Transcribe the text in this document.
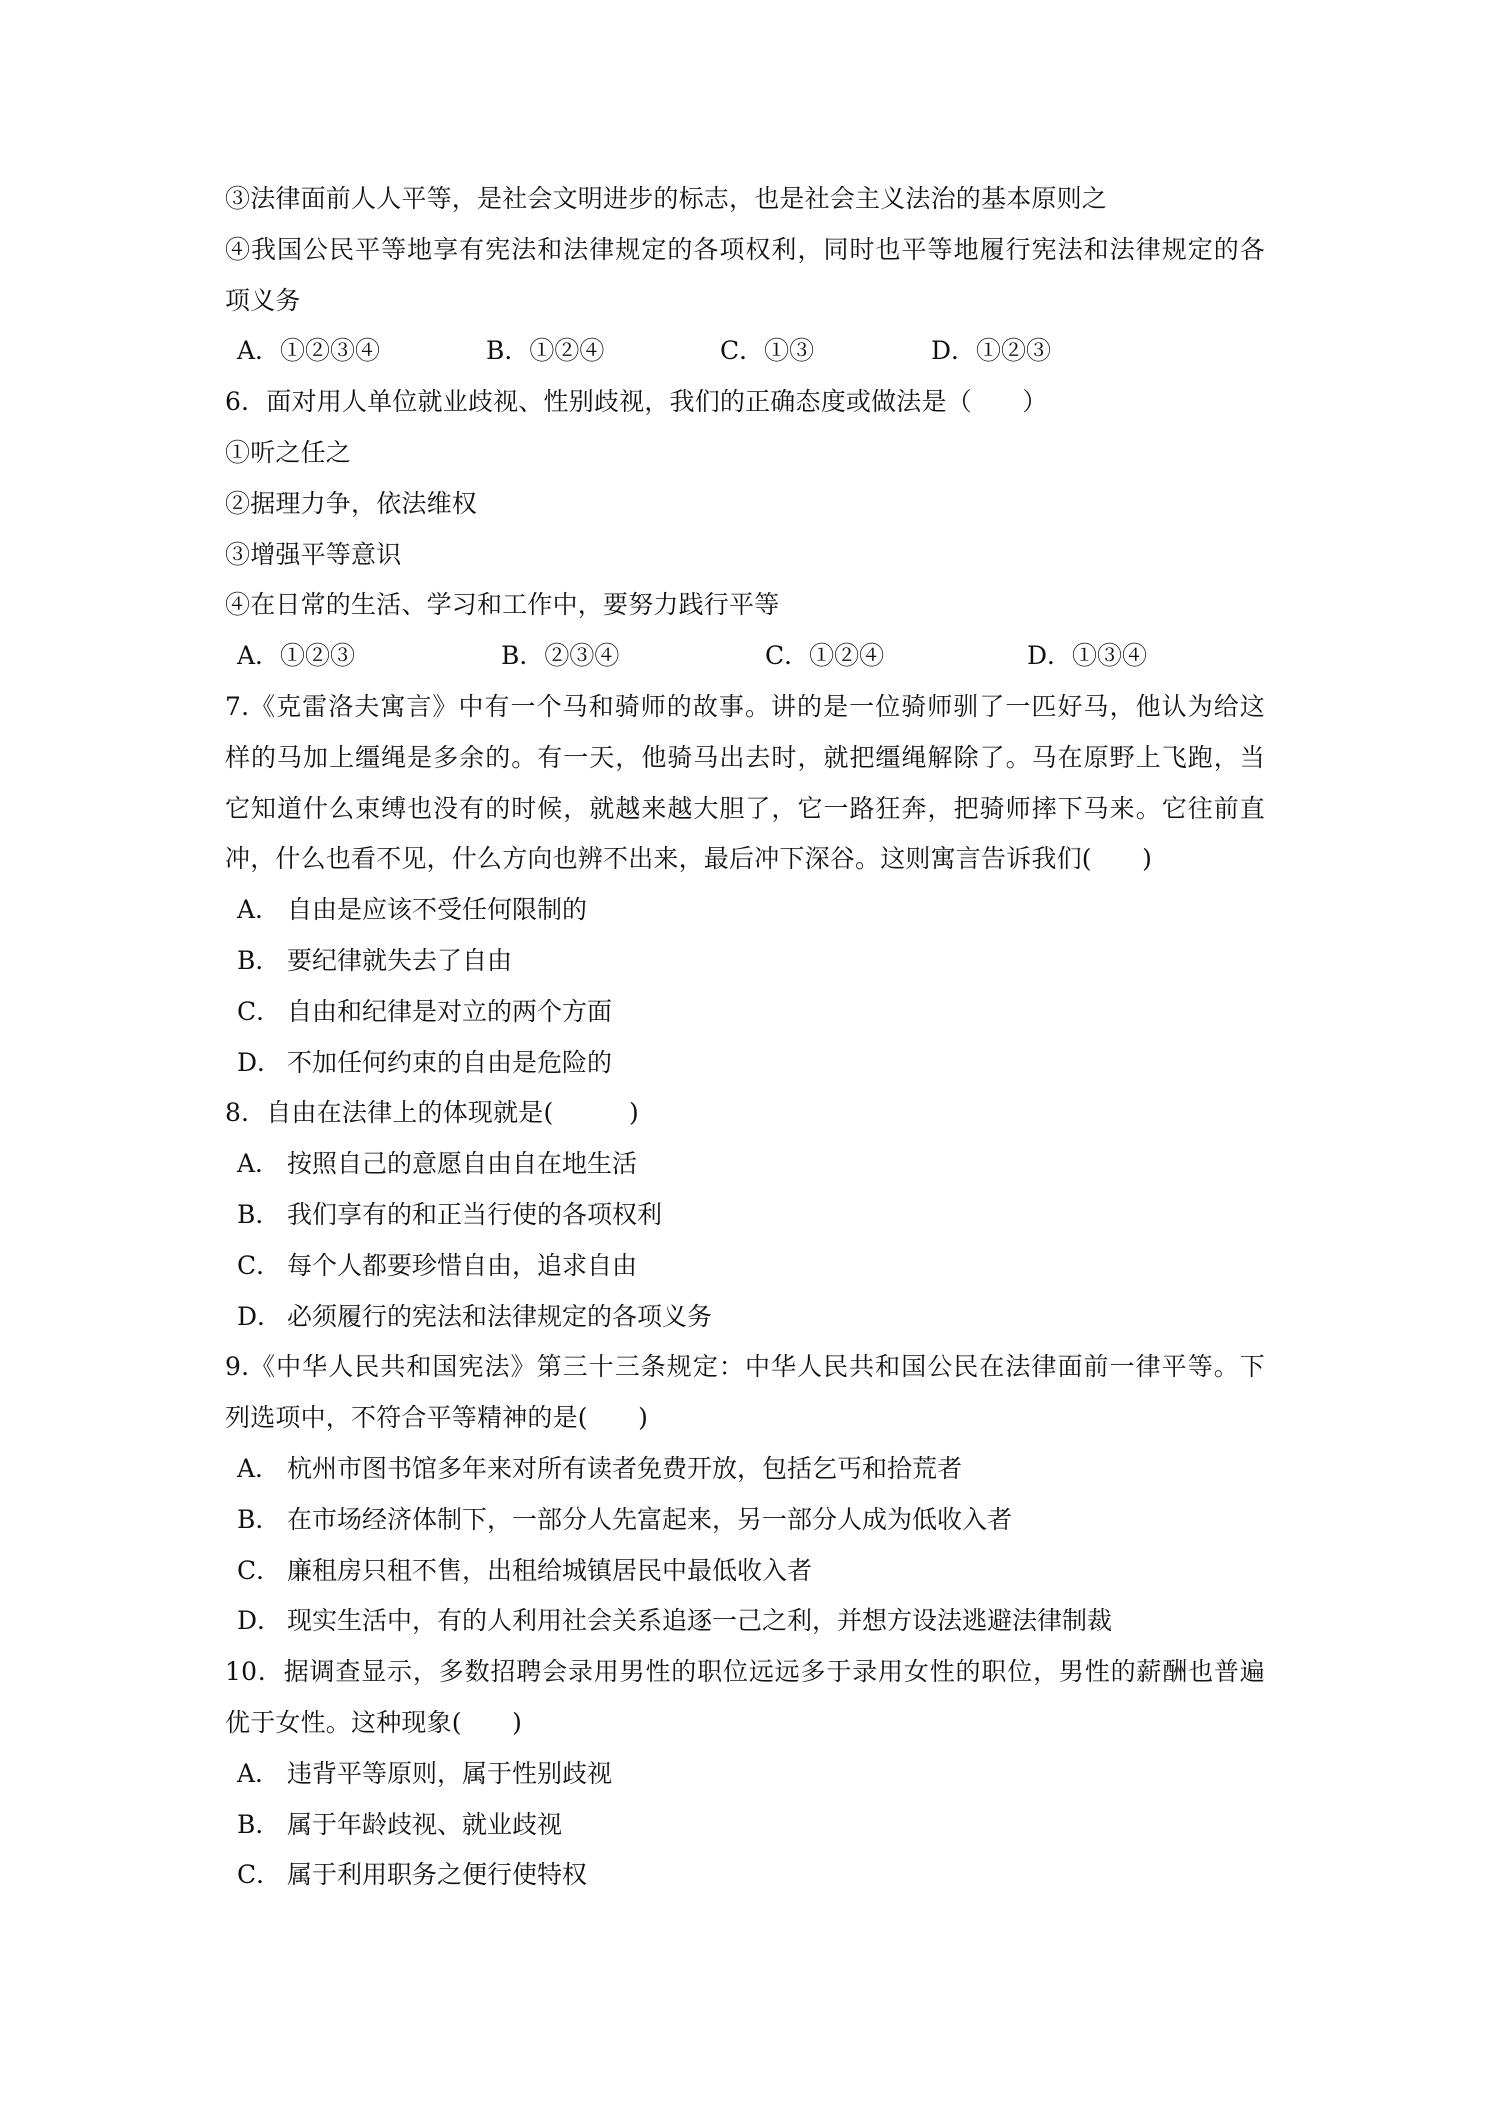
③法律面前人人平等，是社会文明进步的标志，也是社会主义法治的基本原则之
④我国公民平等地享有宪法和法律规定的各项权利，同时也平等地履行宪法和法律规定的各
项义务
A．①②③④	B．①②④	C．①③	D．①②③
6．面对用人单位就业歧视、性别歧视，我们的正确态度或做法是（　　）
①听之任之
②据理力争，依法维权
③增强平等意识
④在日常的生活、学习和工作中，要努力践行平等
A．①②③	B．②③④	C．①②④	D．①③④
7.《克雷洛夫寓言》中有一个马和骑师的故事。讲的是一位骑师驯了一匹好马，他认为给这
样的马加上缰绳是多余的。有一天，他骑马出去时，就把缰绳解除了。马在原野上飞跑，当
它知道什么束缚也没有的时候，就越来越大胆了，它一路狂奔，把骑师摔下马来。它往前直
冲，什么也看不见，什么方向也辨不出来，最后冲下深谷。这则寓言告诉我们(　　)
A． 自由是应该不受任何限制的
B． 要纪律就失去了自由
C． 自由和纪律是对立的两个方面
D． 不加任何约束的自由是危险的
8．自由在法律上的体现就是(　　　)
A． 按照自己的意愿自由自在地生活
B． 我们享有的和正当行使的各项权利
C． 每个人都要珍惜自由，追求自由
D． 必须履行的宪法和法律规定的各项义务
9.《中华人民共和国宪法》第三十三条规定：中华人民共和国公民在法律面前一律平等。下
列选项中，不符合平等精神的是(　　)
A． 杭州市图书馆多年来对所有读者免费开放，包括乞丐和拾荒者
B． 在市场经济体制下，一部分人先富起来，另一部分人成为低收入者
C． 廉租房只租不售，出租给城镇居民中最低收入者
D． 现实生活中，有的人利用社会关系追逐一己之利，并想方设法逃避法律制裁
10．据调查显示，多数招聘会录用男性的职位远远多于录用女性的职位，男性的薪酬也普遍
优于女性。这种现象(　　)
A． 违背平等原则，属于性别歧视
B． 属于年龄歧视、就业歧视
C． 属于利用职务之便行使特权
